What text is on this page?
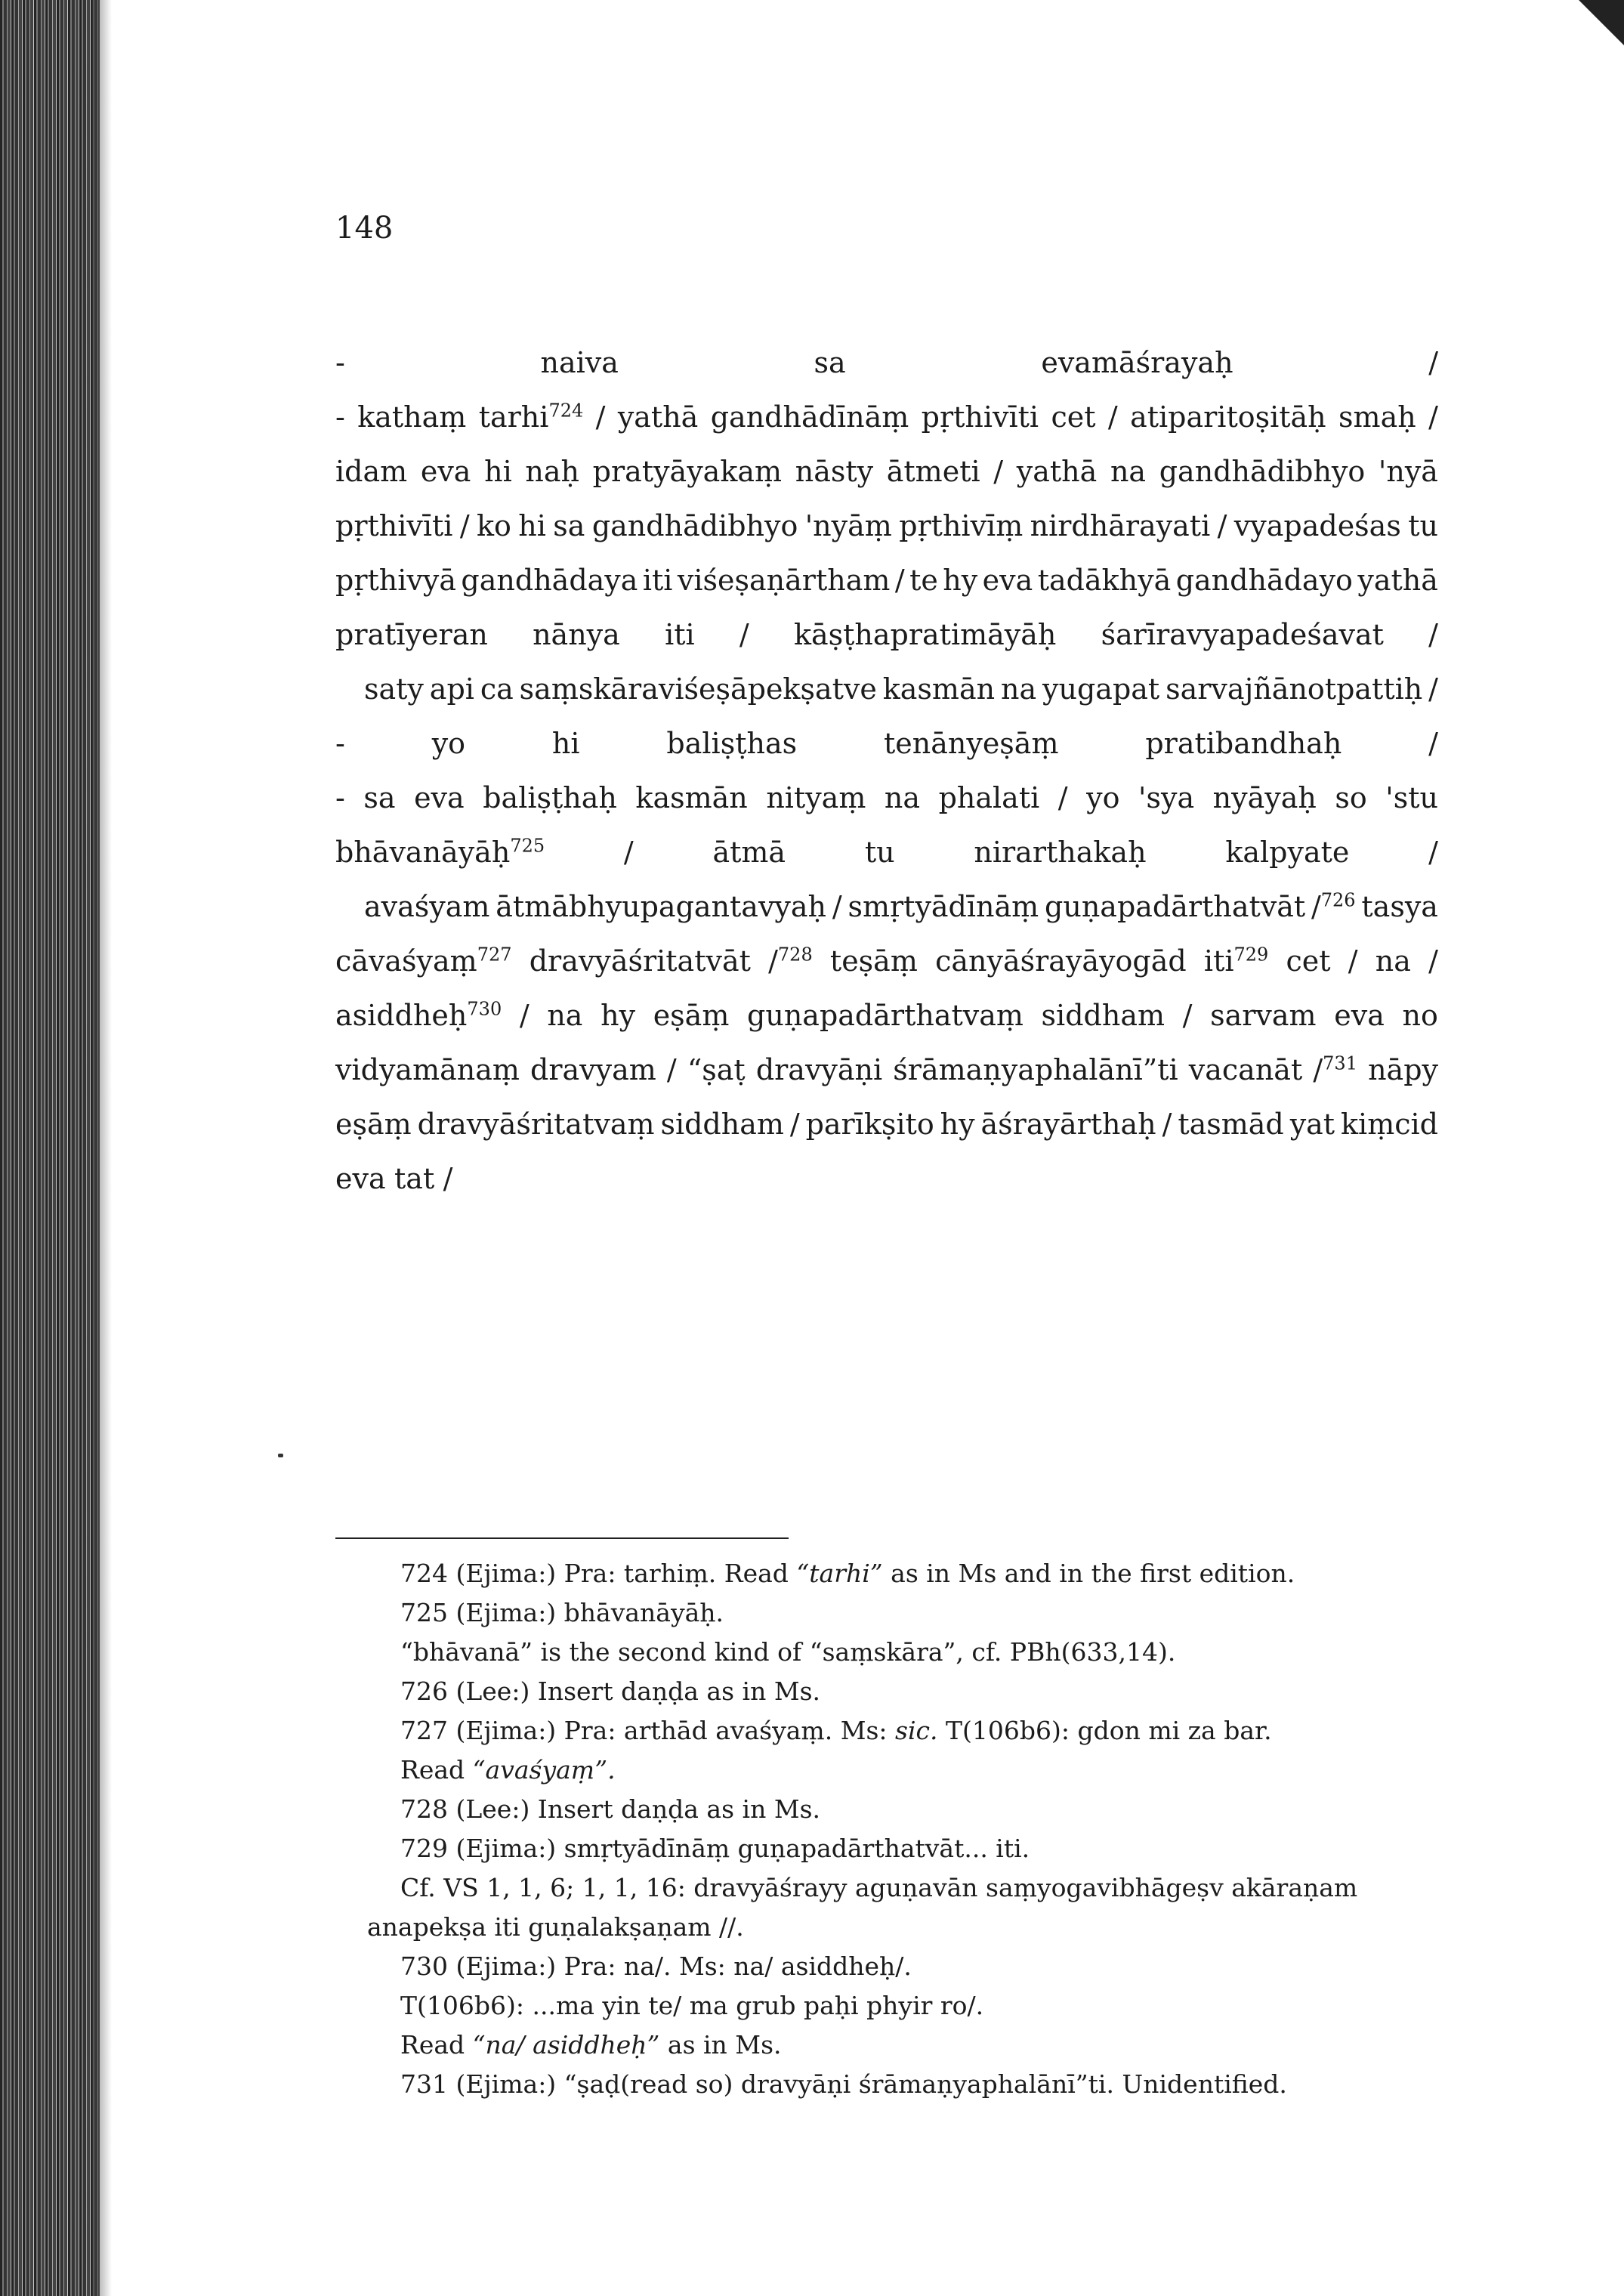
148
-	naiva	sa	evamāśrayaḥ	/
- kathaṃ tarhi$^{724}$ / yathā gandhādīnāṃ pṛthivīti cet / atiparitoṣitāḥ smaḥ /
idam eva hi naḥ pratyāyakaṃ nāsty ātmeti / yathā na gandhādibhyo 'nyā
pṛthivīti / ko hi sa gandhādibhyo 'nyāṃ pṛthivīṃ nirdhārayati / vyapadeśas tu
pṛthivyā gandhādaya iti viśeṣaṇārtham / te hy eva tadākhyā gandhādayo yathā
pratīyeran nānya iti / kāṣṭhapratimāyāḥ śarīravyapadeśavat /
saty api ca saṃskāraviśeṣāpekṣatve kasmān na yugapat sarvajñānotpattiḥ /
-	yo	hi	baliṣṭhas	tenānyeṣāṃ	pratibandhaḥ	/
- sa eva baliṣṭhaḥ kasmān nityaṃ na phalati / yo 'sya nyāyaḥ so 'stu
bhāvanāyāḥ$^{725}$	/	ātmā	tu	nirarthakaḥ	kalpyate	/
avaśyam ātmābhyupagantavyaḥ / smṛtyādīnāṃ guṇapadārthatvāt /$^{726}$ tasya
cāvaśyaṃ$^{727}$ dravyāśritatvāt /$^{728}$ teṣāṃ cānyāśrayāyogād iti$^{729}$ cet / na /
asiddheḥ$^{730}$ / na hy eṣāṃ guṇapadārthatvaṃ siddham / sarvam eva no
vidyamānaṃ dravyam / “ṣaṭ dravyāṇi śrāmaṇyaphalānī”ti vacanāt /$^{731}$ nāpy
eṣāṃ dravyāśritatvaṃ siddham / parīkṣito hy āśrayārthaḥ / tasmād yat kiṃcid
eva tat /
724 (Ejima:) Pra: tarhiṃ. Read “tarhi” as in Ms and in the first edition.
725 (Ejima:) bhāvanāyāḥ.
“bhāvanā” is the second kind of “saṃskāra”, cf. PBh(633,14).
726 (Lee:) Insert daṇḍa as in Ms.
727 (Ejima:) Pra: arthād avaśyaṃ. Ms: sic. T(106b6): gdon mi za bar.
Read “avaśyaṃ”.
728 (Lee:) Insert daṇḍa as in Ms.
729 (Ejima:) smṛtyādīnāṃ guṇapadārthatvāt... iti.
Cf. VS 1, 1, 6; 1, 1, 16: dravyāśrayy aguṇavān saṃyogavibhāgeṣv akāraṇam
anapekṣa iti guṇalakṣaṇam //.
730 (Ejima:) Pra: na/. Ms: na/ asiddheḥ/.
T(106b6): ...ma yin te/ ma grub paḥi phyir ro/.
Read “na/ asiddheḥ” as in Ms.
731 (Ejima:) “ṣaḍ(read so) dravyāṇi śrāmaṇyaphalānī”ti. Unidentified.
